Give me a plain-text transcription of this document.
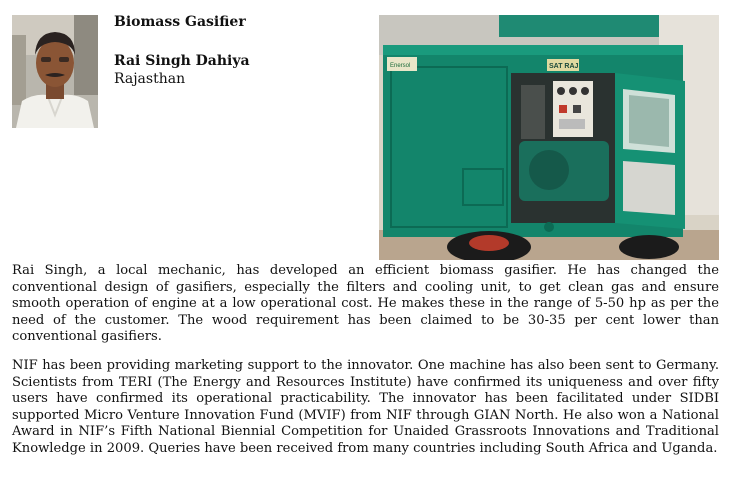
Biomass Gasifier
Rai Singh Dahiya
Rajasthan
Enersol	SAT RAJ

Rai Singh, a local mechanic, has developed an efficient biomass gasifier. He has changed the conventional design of gasifiers, especially the filters and cooling unit, to get clean gas and ensure smooth operation of engine at a low operational cost. He makes these in the range of 5-50 hp as per the need of the customer. The wood requirement has been claimed to be 30-35 per cent lower than conventional gasifiers.

NIF has been providing marketing support to the innovator. One machine has also been sent to Germany. Scientists from TERI (The Energy and Resources Institute) have confirmed its uniqueness and over fifty users have confirmed its operational practicability. The innovator has been facilitated under SIDBI supported Micro Venture Innovation Fund (MVIF) from NIF through GIAN North. He also won a National Award in NIF’s Fifth National Biennial Competition for Unaided Grassroots Innovations and Traditional Knowledge in 2009. Queries have been received from many countries including South Africa and Uganda.
